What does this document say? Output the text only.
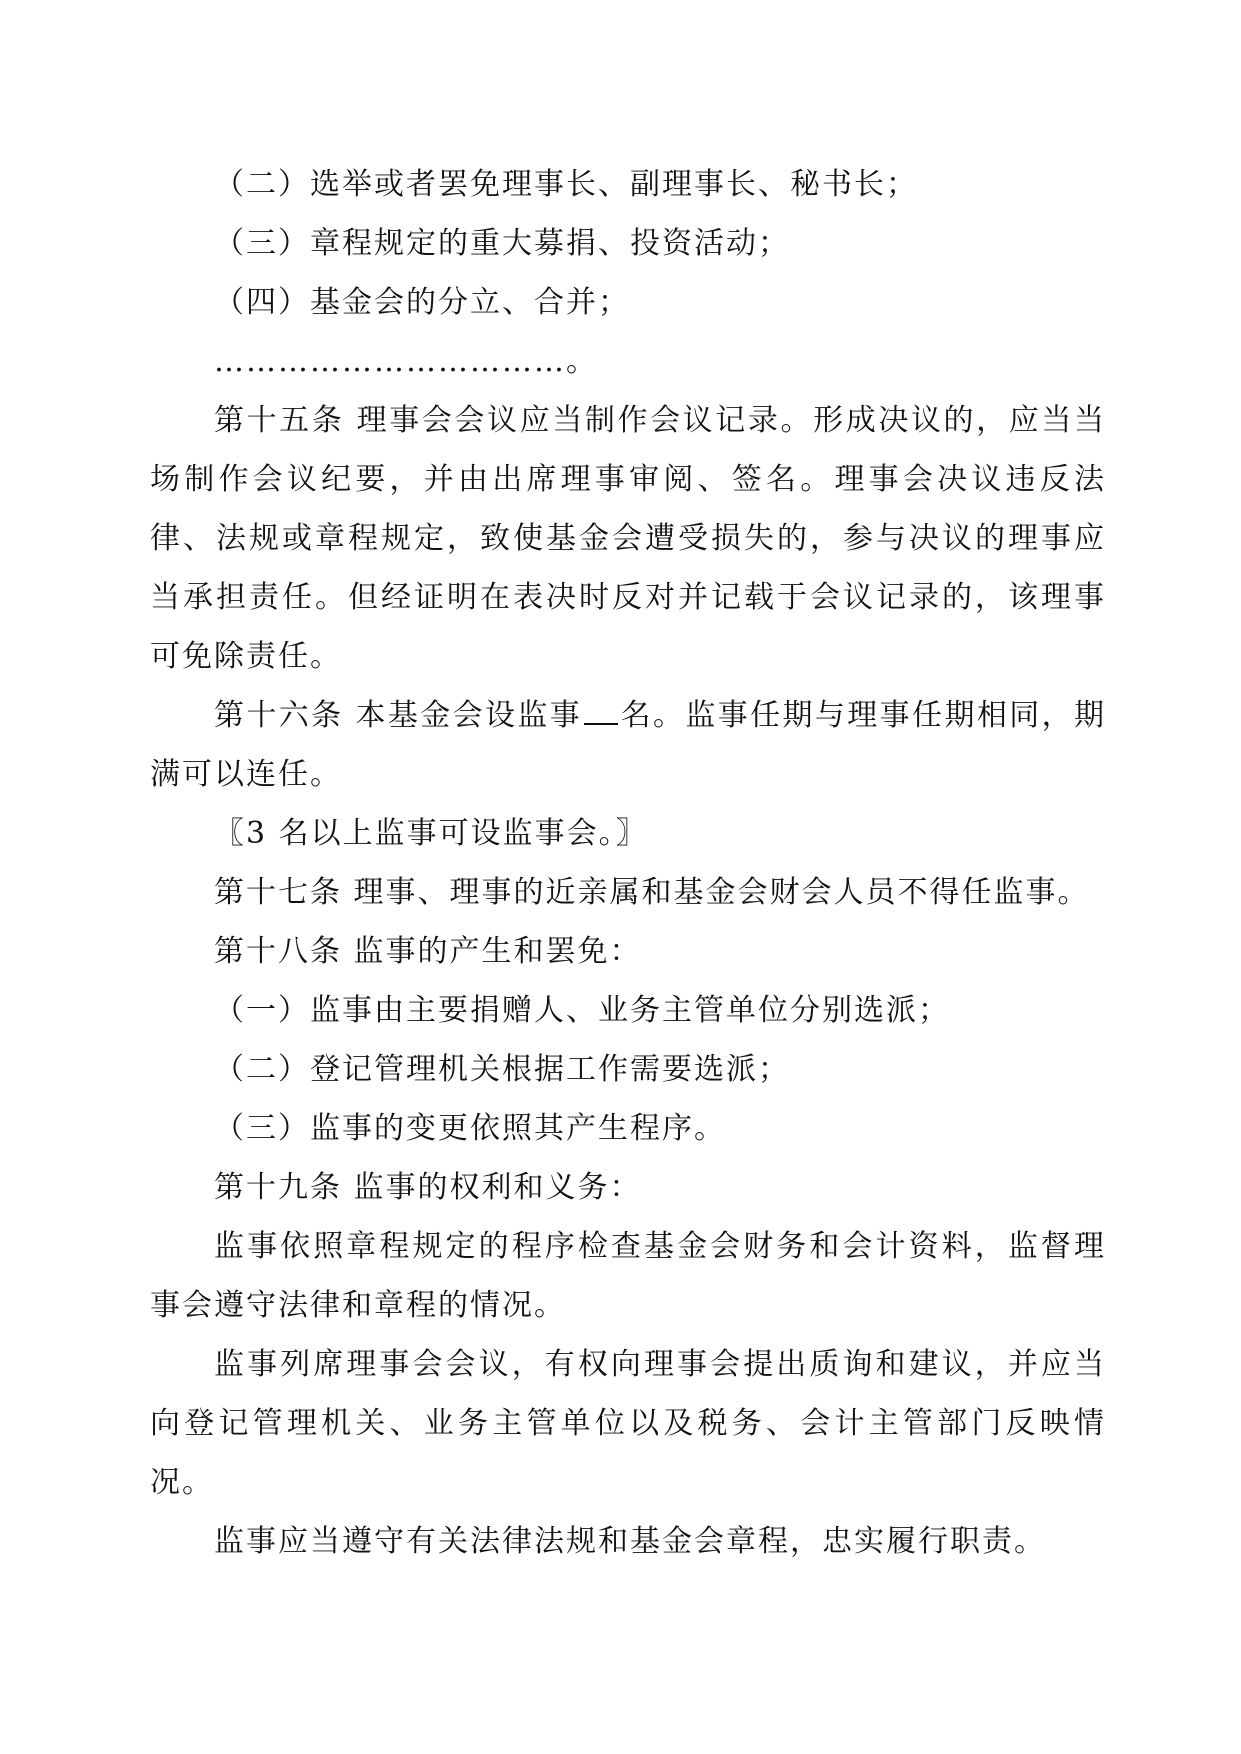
（二）选举或者罢免理事长、副理事长、秘书长；

（三）章程规定的重大募捐、投资活动；

（四）基金会的分立、合并；

……………………………。

第十五条 理事会会议应当制作会议记录。形成决议的，应当当场制作会议纪要，并由出席理事审阅、签名。理事会决议违反法律、法规或章程规定，致使基金会遭受损失的，参与决议的理事应当承担责任。但经证明在表决时反对并记载于会议记录的，该理事可免除责任。

第十六条 本基金会设监事 名。监事任期与理事任期相同，期满可以连任。

〖3 名以上监事可设监事会。〗

第十七条 理事、理事的近亲属和基金会财会人员不得任监事。

第十八条 监事的产生和罢免：

（一）监事由主要捐赠人、业务主管单位分别选派；

（二）登记管理机关根据工作需要选派；

（三）监事的变更依照其产生程序。

第十九条 监事的权利和义务：

监事依照章程规定的程序检查基金会财务和会计资料，监督理事会遵守法律和章程的情况。

监事列席理事会会议，有权向理事会提出质询和建议，并应当向登记管理机关、业务主管单位以及税务、会计主管部门反映情况。

监事应当遵守有关法律法规和基金会章程，忠实履行职责。
